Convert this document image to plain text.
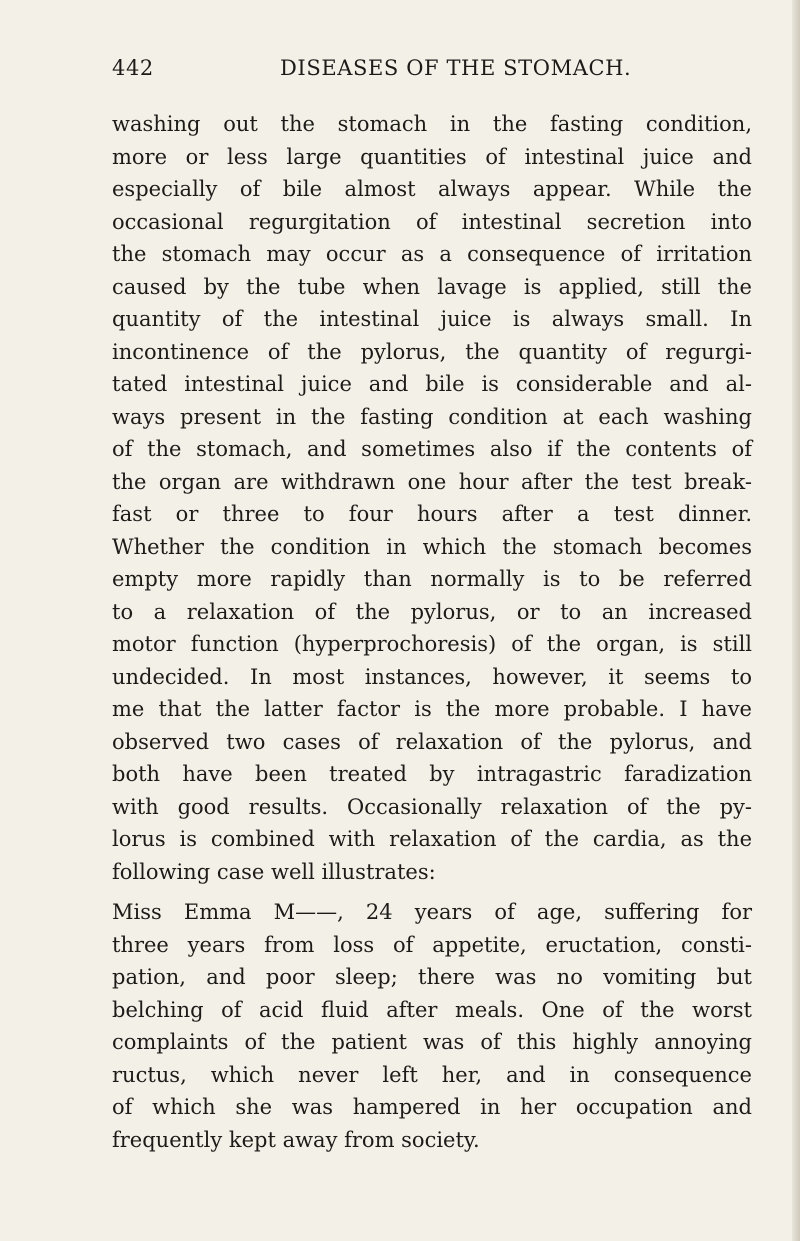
442	DISEASES OF THE STOMACH.

washing out the stomach in the fasting condition,
more or less large quantities of intestinal juice and
especially of bile almost always appear. While the
occasional regurgitation of intestinal secretion into
the stomach may occur as a consequence of irritation
caused by the tube when lavage is applied, still the
quantity of the intestinal juice is always small. In
incontinence of the pylorus, the quantity of regurgi-
tated intestinal juice and bile is considerable and al-
ways present in the fasting condition at each washing
of the stomach, and sometimes also if the contents of
the organ are withdrawn one hour after the test break-
fast or three to four hours after a test dinner.
Whether the condition in which the stomach becomes
empty more rapidly than normally is to be referred
to a relaxation of the pylorus, or to an increased
motor function (hyperprochoresis) of the organ, is still
undecided. In most instances, however, it seems to
me that the latter factor is the more probable. I have
observed two cases of relaxation of the pylorus, and
both have been treated by intragastric faradization
with good results. Occasionally relaxation of the py-
lorus is combined with relaxation of the cardia, as the
following case well illustrates:

Miss Emma M——, 24 years of age, suffering for
three years from loss of appetite, eructation, consti-
pation, and poor sleep; there was no vomiting but
belching of acid fluid after meals. One of the worst
complaints of the patient was of this highly annoying
ructus, which never left her, and in consequence
of which she was hampered in her occupation and
frequently kept away from society.
